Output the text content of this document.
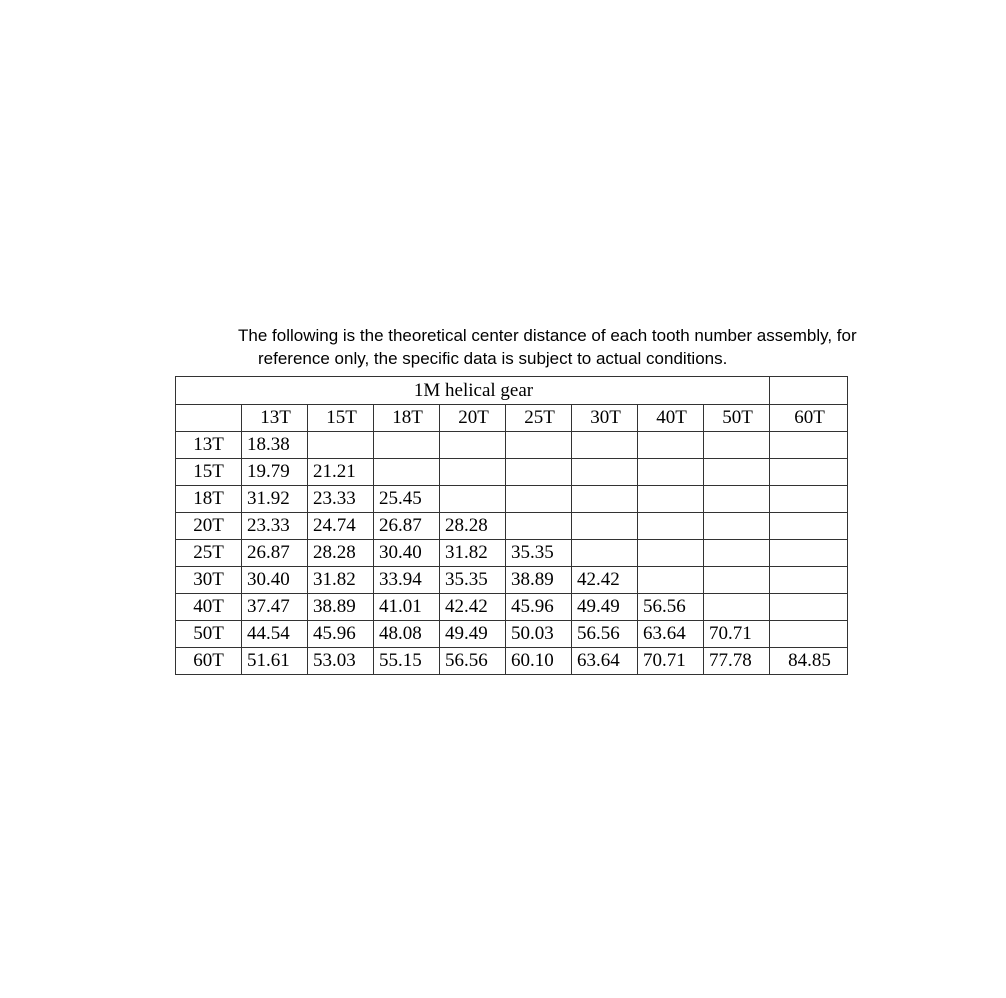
The following is the theoretical center distance of each tooth number assembly, for
reference only, the specific data is subject to actual conditions.
1M helical gear									
	13T	15T	18T	20T	25T	30T	40T	50T	60T
13T	18.38								
15T	19.79	21.21							
18T	31.92	23.33	25.45						
20T	23.33	24.74	26.87	28.28					
25T	26.87	28.28	30.40	31.82	35.35				
30T	30.40	31.82	33.94	35.35	38.89	42.42			
40T	37.47	38.89	41.01	42.42	45.96	49.49	56.56		
50T	44.54	45.96	48.08	49.49	50.03	56.56	63.64	70.71	
60T	51.61	53.03	55.15	56.56	60.10	63.64	70.71	77.78	84.85
